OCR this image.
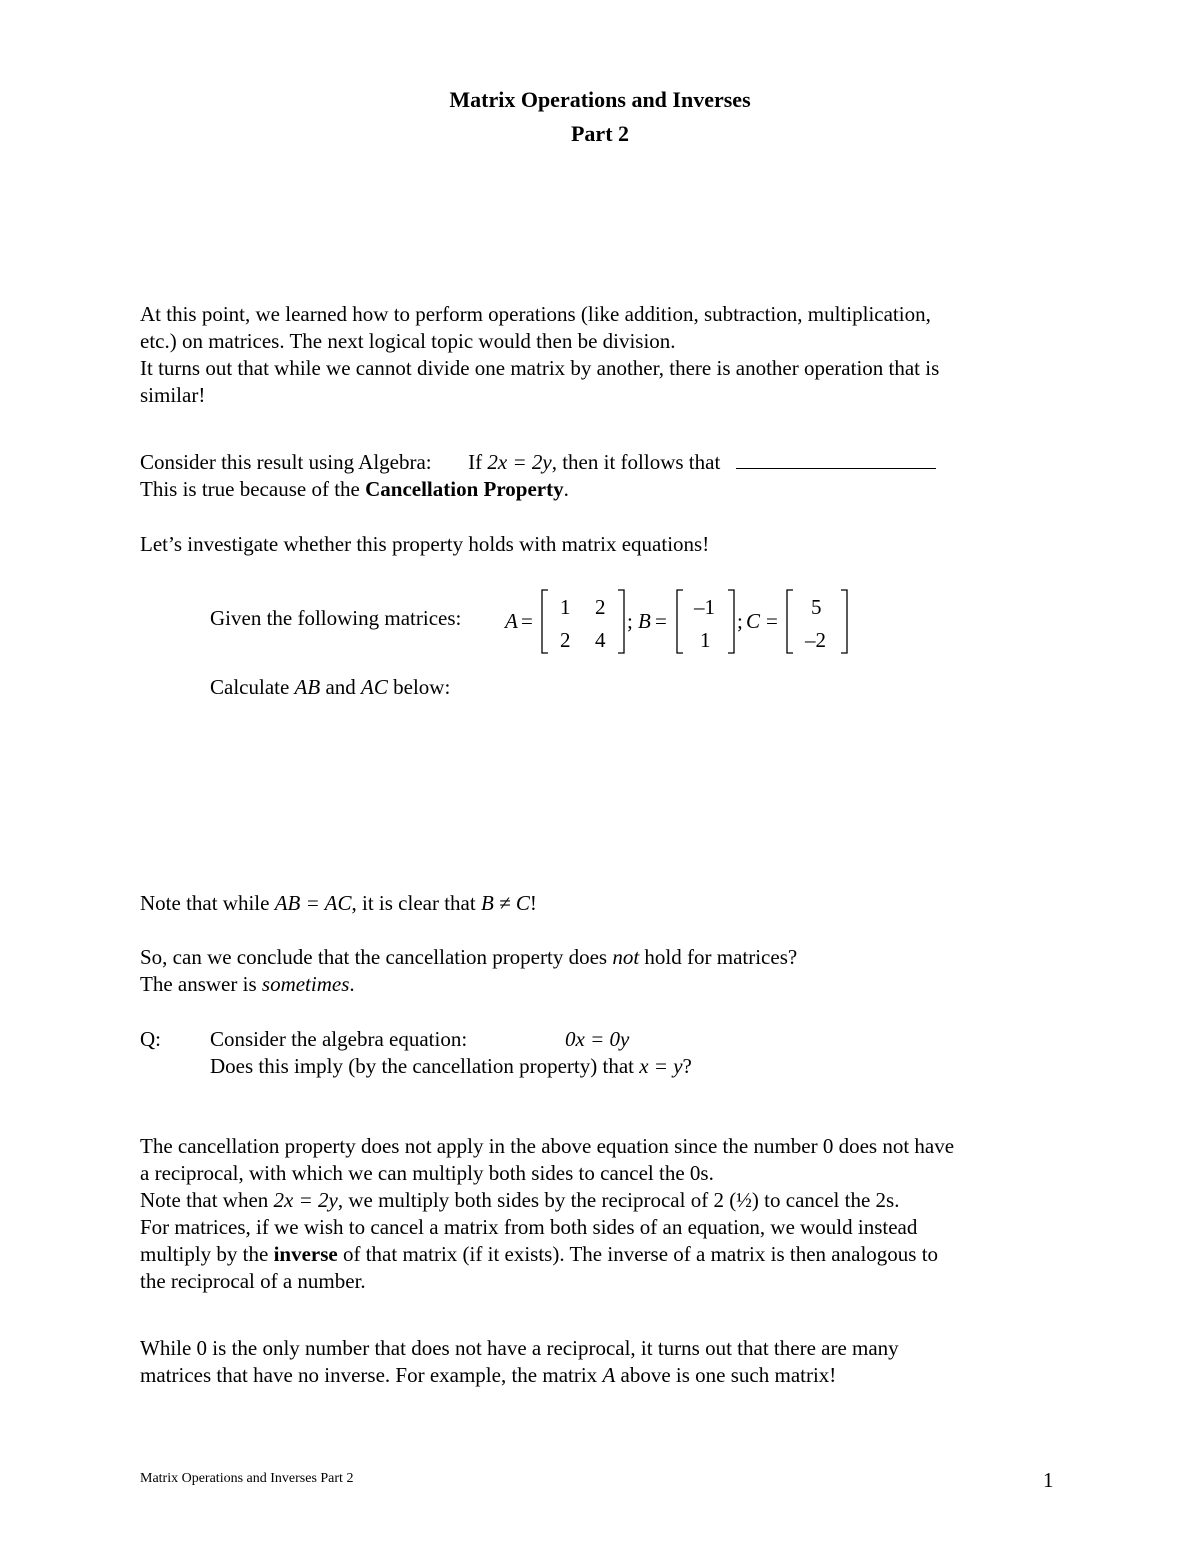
Matrix Operations and Inverses
Part 2
At this point, we learned how to perform operations (like addition, subtraction, multiplication,
etc.) on matrices. The next logical topic would then be division.
It turns out that while we cannot divide one matrix by another, there is another operation that is
similar!
Consider this result using Algebra: If 2x = 2y, then it follows that
This is true because of the Cancellation Property.
Let’s investigate whether this property holds with matrix equations!
Given the following matrices: A =
1 2
2 4
; B =
–1
1
; C =
5
–2
Calculate AB and AC below:
Note that while AB = AC, it is clear that B ≠ C!
So, can we conclude that the cancellation property does not hold for matrices?
The answer is sometimes.
Q: Consider the algebra equation:	0x = 0y
Does this imply (by the cancellation property) that x = y?
The cancellation property does not apply in the above equation since the number 0 does not have
a reciprocal, with which we can multiply both sides to cancel the 0s.
Note that when 2x = 2y, we multiply both sides by the reciprocal of 2 (½) to cancel the 2s.
For matrices, if we wish to cancel a matrix from both sides of an equation, we would instead
multiply by the inverse of that matrix (if it exists). The inverse of a matrix is then analogous to
the reciprocal of a number.
While 0 is the only number that does not have a reciprocal, it turns out that there are many
matrices that have no inverse. For example, the matrix A above is one such matrix!
Matrix Operations and Inverses Part 2	1
